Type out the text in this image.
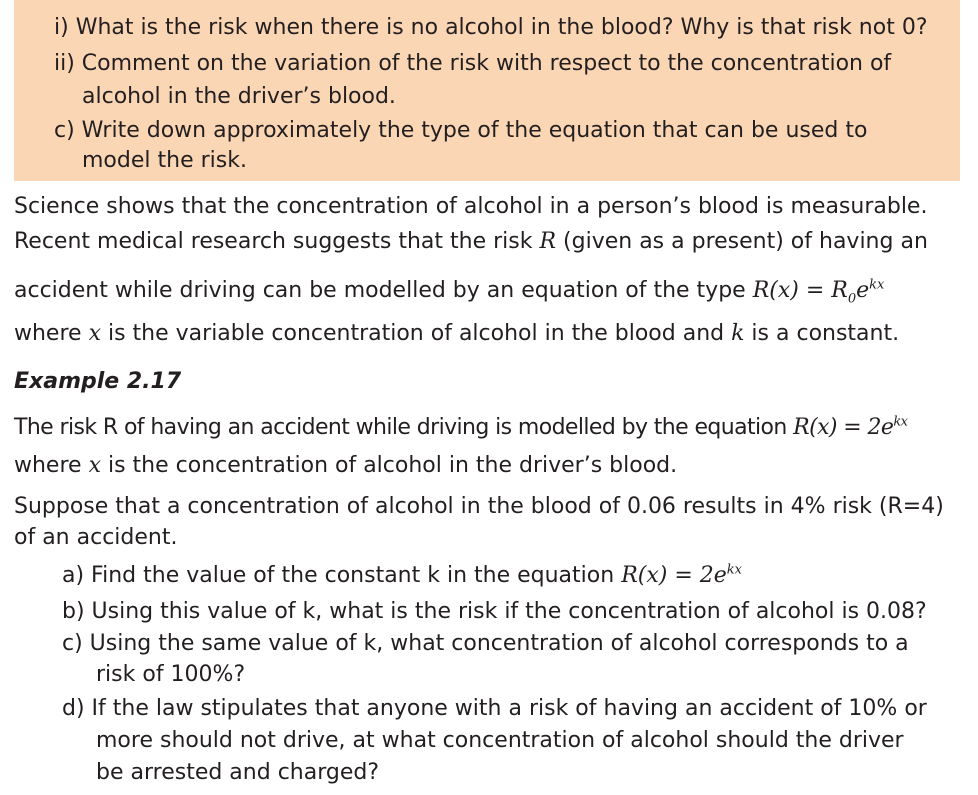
i) What is the risk when there is no alcohol in the blood? Why is that risk not 0?
ii) Comment on the variation of the risk with respect to the concentration of
alcohol in the driver’s blood.
c) Write down approximately the type of the equation that can be used to
model the risk.
Science shows that the concentration of alcohol in a person’s blood is measurable.
Recent medical research suggests that the risk R (given as a present) of having an
accident while driving can be modelled by an equation of the type $R(x) = R_0e^{kx}$
where x is the variable concentration of alcohol in the blood and k is a constant.
Example 2.17
The risk R of having an accident while driving is modelled by the equation $R(x) = 2e^{kx}$
where x is the concentration of alcohol in the driver’s blood.
Suppose that a concentration of alcohol in the blood of 0.06 results in 4% risk (R=4)
of an accident.
a) Find the value of the constant k in the equation $R(x) = 2e^{kx}$
b) Using this value of k, what is the risk if the concentration of alcohol is 0.08?
c) Using the same value of k, what concentration of alcohol corresponds to a
risk of 100%?
d) If the law stipulates that anyone with a risk of having an accident of 10% or
more should not drive, at what concentration of alcohol should the driver
be arrested and charged?
